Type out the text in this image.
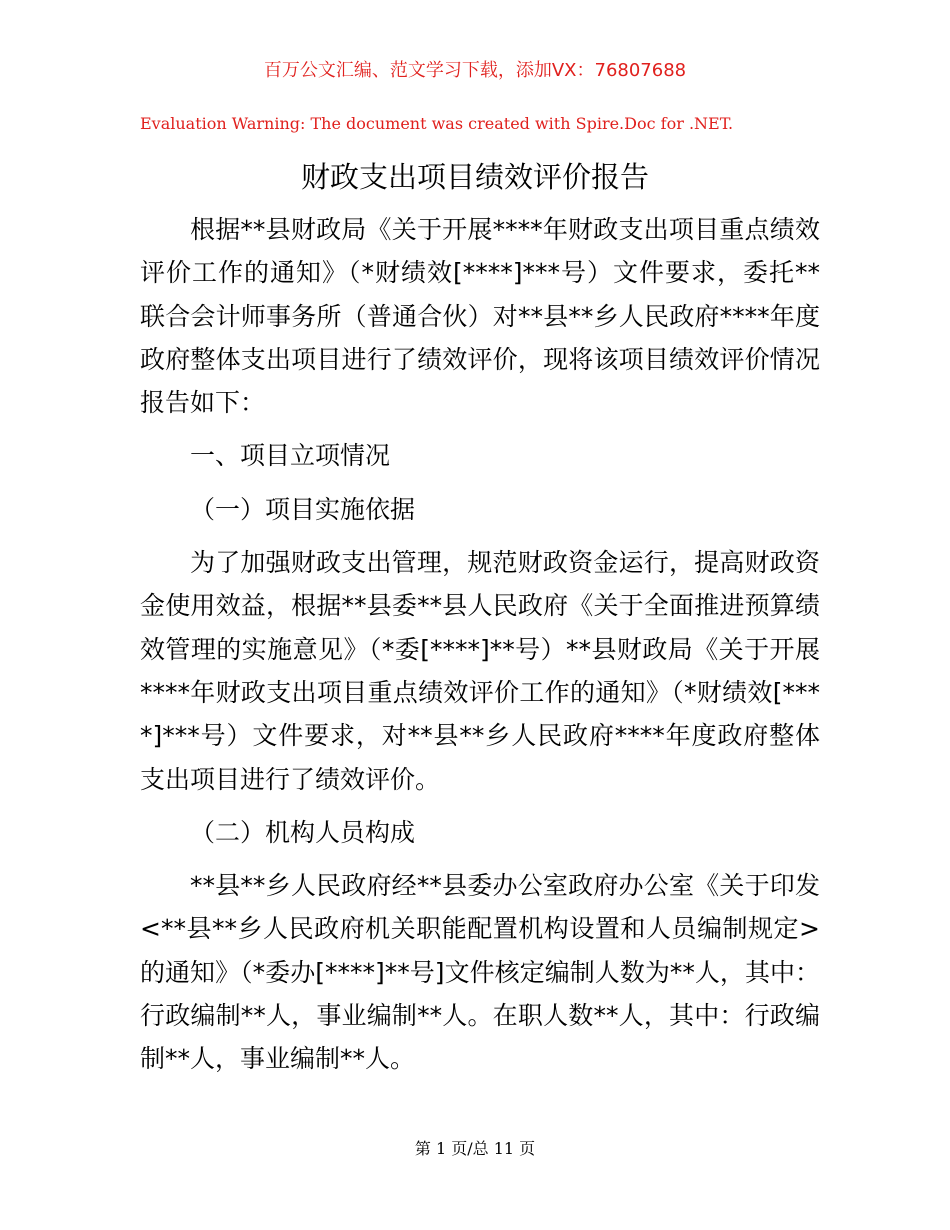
百万公文汇编、范文学习下载，添加VX：76807688
Evaluation Warning: The document was created with Spire.Doc for .NET.
财政支出项目绩效评价报告

根据**县财政局《关于开展****年财政支出项目重点绩效评价工作的通知》（*财绩效[****]***号）文件要求，委托**联合会计师事务所（普通合伙）对**县**乡人民政府****年度政府整体支出项目进行了绩效评价，现将该项目绩效评价情况报告如下：

一、项目立项情况

（一）项目实施依据

为了加强财政支出管理，规范财政资金运行，提高财政资金使用效益，根据**县委**县人民政府《关于全面推进预算绩效管理的实施意见》（*委[****]**号）**县财政局《关于开展****年财政支出项目重点绩效评价工作的通知》（*财绩效[****]***号）文件要求，对**县**乡人民政府****年度政府整体支出项目进行了绩效评价。

（二）机构人员构成

**县**乡人民政府经**县委办公室政府办公室《关于印发<**县**乡人民政府机关职能配置机构设置和人员编制规定>的通知》（*委办[****]**号]文件核定编制人数为**人，其中：行政编制**人，事业编制**人。在职人数**人，其中：行政编制**人，事业编制**人。

第 1 页/总 11 页
